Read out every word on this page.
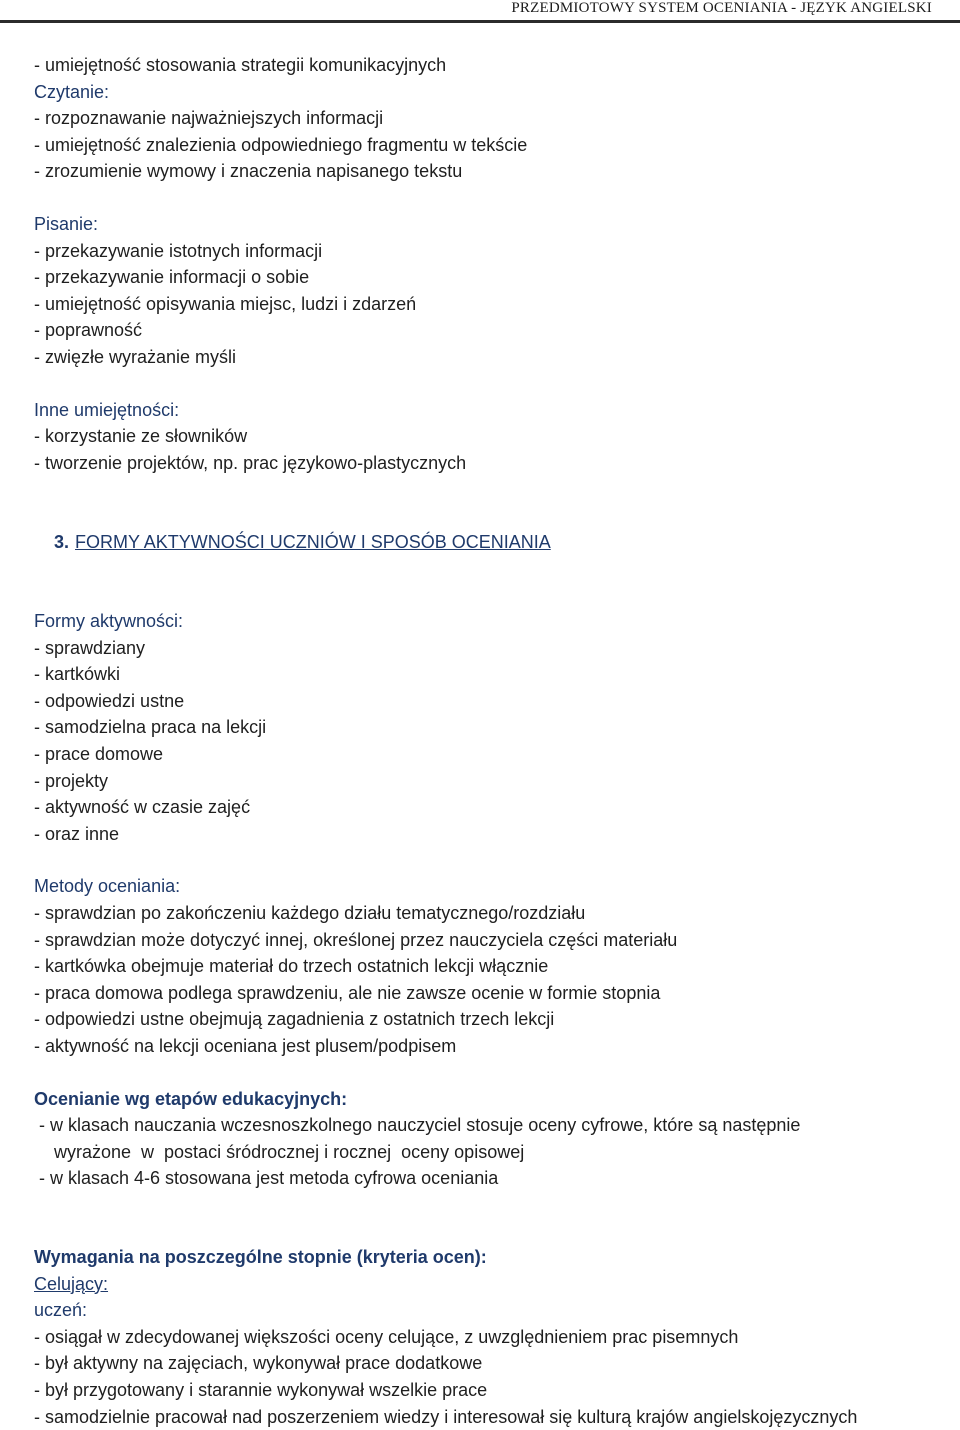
PRZEDMIOTOWY SYSTEM OCENIANIA - JĘZYK ANGIELSKI
- umiejętność stosowania strategii komunikacyjnych
Czytanie:
- rozpoznawanie najważniejszych informacji
- umiejętność znalezienia odpowiedniego fragmentu w tekście
- zrozumienie wymowy i znaczenia napisanego tekstu
Pisanie:
- przekazywanie istotnych informacji
- przekazywanie informacji o sobie
- umiejętność opisywania miejsc, ludzi i zdarzeń
- poprawność
- zwięzłe wyrażanie myśli
Inne umiejętności:
- korzystanie ze słowników
- tworzenie projektów, np. prac językowo-plastycznych

3. FORMY AKTYWNOŚCI UCZNIÓW I SPOSÓB OCENIANIA

Formy aktywności:
- sprawdziany
- kartkówki
- odpowiedzi ustne
- samodzielna praca na lekcji
- prace domowe
- projekty
- aktywność w czasie zajęć
- oraz inne
Metody oceniania:
- sprawdzian po zakończeniu każdego działu tematycznego/rozdziału
- sprawdzian może dotyczyć innej, określonej przez nauczyciela części materiału
- kartkówka obejmuje materiał do trzech ostatnich lekcji włącznie
- praca domowa podlega sprawdzeniu, ale nie zawsze ocenie w formie stopnia
- odpowiedzi ustne obejmują zagadnienia z ostatnich trzech lekcji
- aktywność na lekcji oceniana jest plusem/podpisem
Ocenianie wg etapów edukacyjnych:
- w klasach nauczania wczesnoszkolnego nauczyciel stosuje oceny cyfrowe, które są następnie
wyrażone  w  postaci śródrocznej i rocznej  oceny opisowej
- w klasach 4-6 stosowana jest metoda cyfrowa oceniania
Wymagania na poszczególne stopnie (kryteria ocen):
Celujący:
uczeń:
- osiągał w zdecydowanej większości oceny celujące, z uwzględnieniem prac pisemnych
- był aktywny na zajęciach, wykonywał prace dodatkowe
- był przygotowany i starannie wykonywał wszelkie prace
- samodzielnie pracował nad poszerzeniem wiedzy i interesował się kulturą krajów angielskojęzycznych
